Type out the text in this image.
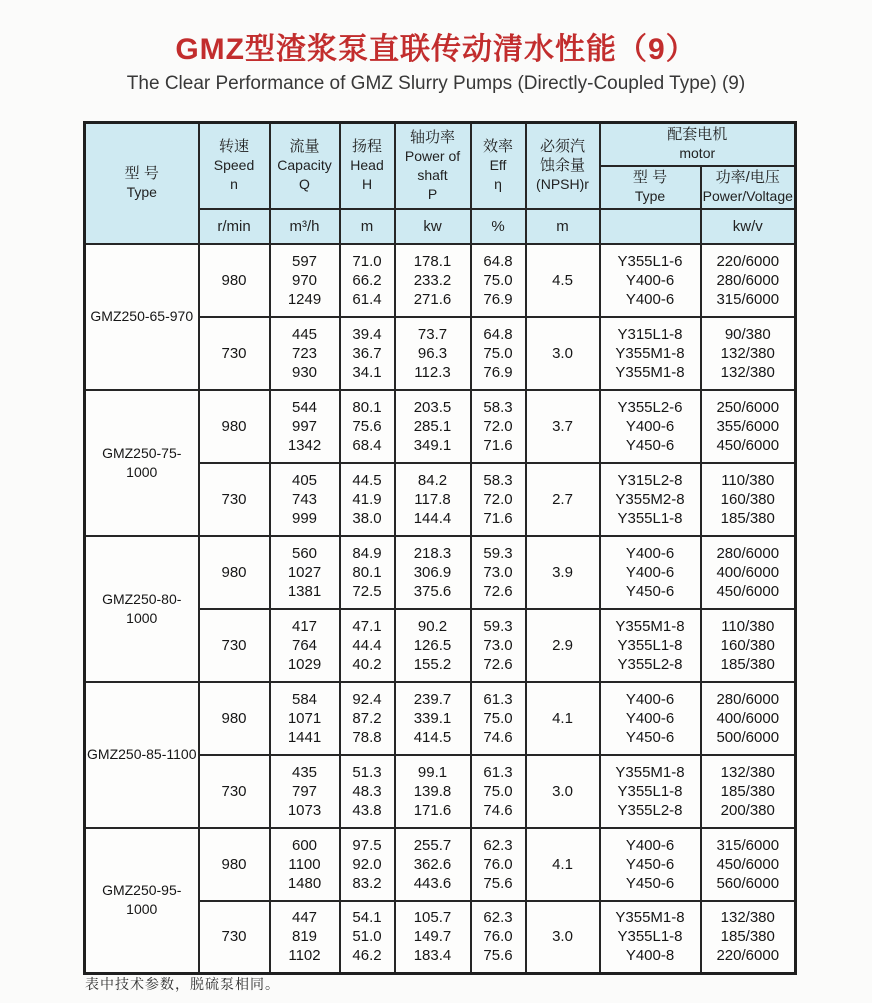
GMZ型渣浆泵直联传动清水性能（9）
The Clear Performance of GMZ Slurry Pumps (Directly-Coupled Type) (9)
型 号
Type	转速
Speed
n	流量
Capacity
Q	扬程
Head
H	轴功率
Power of
shaft
P	效率
Eff
η	必须汽
蚀余量
(NPSH)r	配套电机
motor	
							型 号
Type	功率/电压
Power/Voltage
	r/min	m³/h	m	kw	%	m		kw/v
GMZ250-65-970	980	597
970
1249	71.0
66.2
61.4	178.1
233.2
271.6	64.8
75.0
76.9	4.5	Y355L1-6
Y400-6
Y400-6	220/6000
280/6000
315/6000
	730	445
723
930	39.4
36.7
34.1	73.7
96.3
112.3	64.8
75.0
76.9	3.0	Y315L1-8
Y355M1-8
Y355M1-8	90/380
132/380
132/380
GMZ250-75-1000	980	544
997
1342	80.1
75.6
68.4	203.5
285.1
349.1	58.3
72.0
71.6	3.7	Y355L2-6
Y400-6
Y450-6	250/6000
355/6000
450/6000
	730	405
743
999	44.5
41.9
38.0	84.2
117.8
144.4	58.3
72.0
71.6	2.7	Y315L2-8
Y355M2-8
Y355L1-8	110/380
160/380
185/380
GMZ250-80-1000	980	560
1027
1381	84.9
80.1
72.5	218.3
306.9
375.6	59.3
73.0
72.6	3.9	Y400-6
Y400-6
Y450-6	280/6000
400/6000
450/6000
	730	417
764
1029	47.1
44.4
40.2	90.2
126.5
155.2	59.3
73.0
72.6	2.9	Y355M1-8
Y355L1-8
Y355L2-8	110/380
160/380
185/380
GMZ250-85-1100	980	584
1071
1441	92.4
87.2
78.8	239.7
339.1
414.5	61.3
75.0
74.6	4.1	Y400-6
Y400-6
Y450-6	280/6000
400/6000
500/6000
	730	435
797
1073	51.3
48.3
43.8	99.1
139.8
171.6	61.3
75.0
74.6	3.0	Y355M1-8
Y355L1-8
Y355L2-8	132/380
185/380
200/380
GMZ250-95-1000	980	600
1100
1480	97.5
92.0
83.2	255.7
362.6
443.6	62.3
76.0
75.6	4.1	Y400-6
Y450-6
Y450-6	315/6000
450/6000
560/6000
	730	447
819
1102	54.1
51.0
46.2	105.7
149.7
183.4	62.3
76.0
75.6	3.0	Y355M1-8
Y355L1-8
Y400-8	132/380
185/380
220/6000
表中技术参数，脱硫泵相同。
